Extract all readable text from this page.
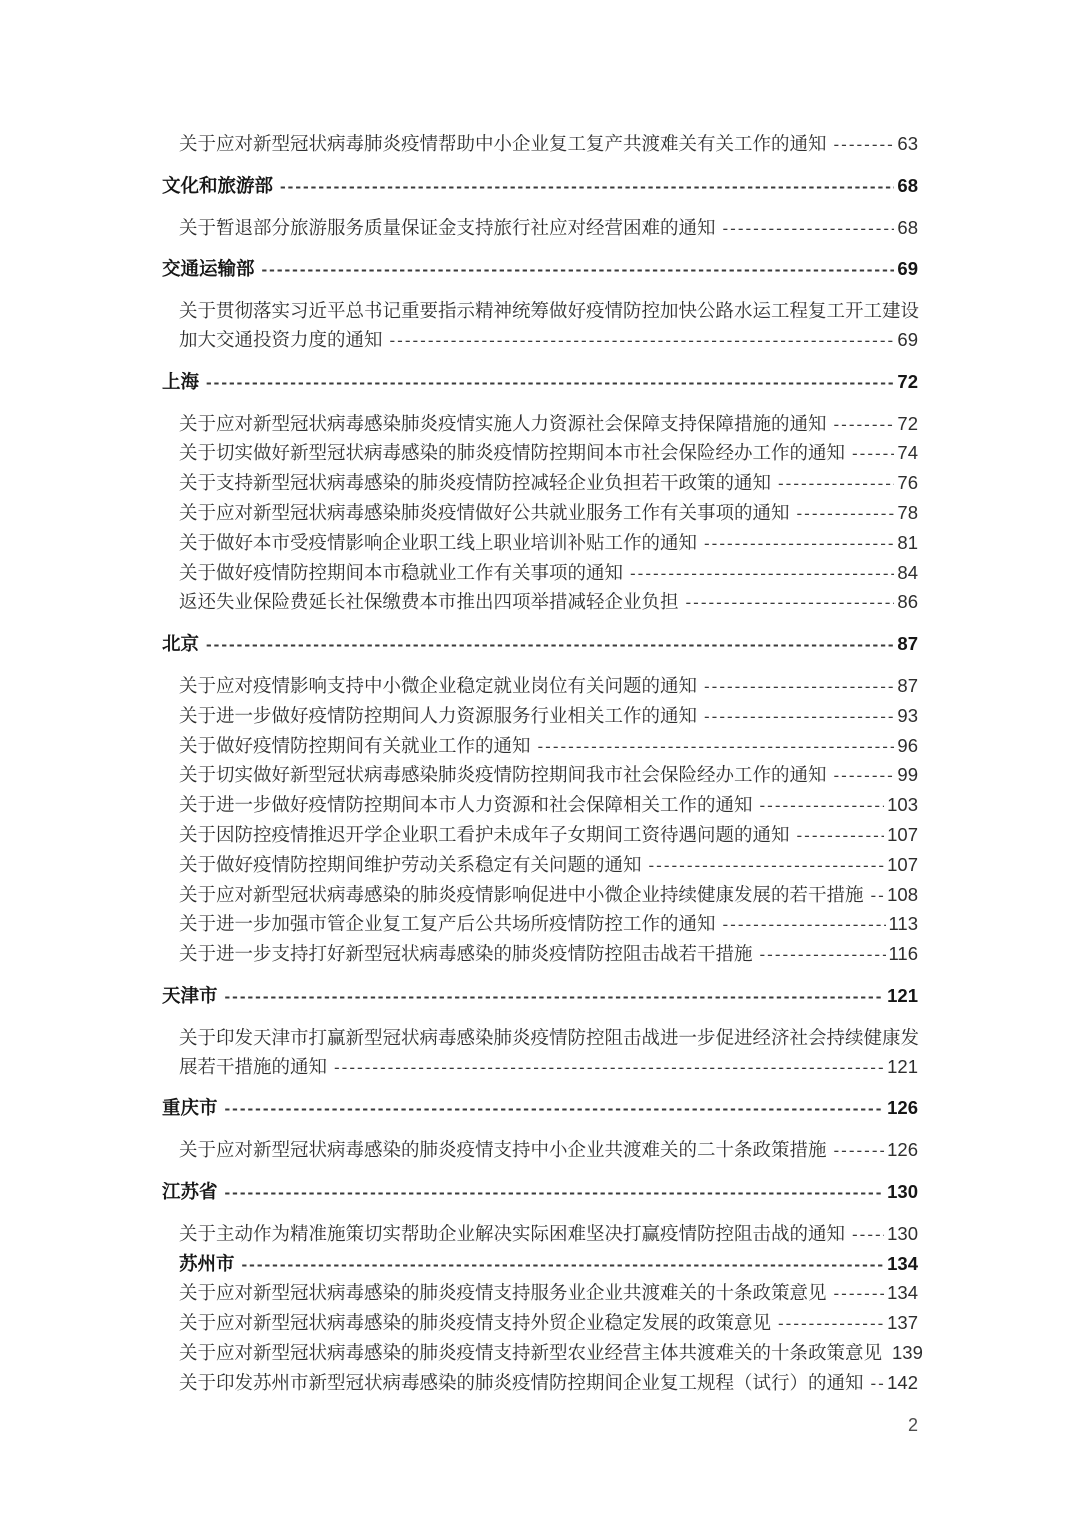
关于应对新型冠状病毒肺炎疫情帮助中小企业复工复产共渡难关有关工作的通知 -----	63
文化和旅游部 -----	68
关于暂退部分旅游服务质量保证金支持旅行社应对经营困难的通知 -----	68
交通运输部 -----	69
关于贯彻落实习近平总书记重要指示精神统筹做好疫情防控加快公路水运工程复工开工建设
加大交通投资力度的通知 -----	69
上海 -----	72
关于应对新型冠状病毒感染肺炎疫情实施人力资源社会保障支持保障措施的通知 -----	72
关于切实做好新型冠状病毒感染的肺炎疫情防控期间本市社会保险经办工作的通知 -----	74
关于支持新型冠状病毒感染的肺炎疫情防控减轻企业负担若干政策的通知 -----	76
关于应对新型冠状病毒感染肺炎疫情做好公共就业服务工作有关事项的通知 -----	78
关于做好本市受疫情影响企业职工线上职业培训补贴工作的通知 -----	81
关于做好疫情防控期间本市稳就业工作有关事项的通知 -----	84
返还失业保险费延长社保缴费本市推出四项举措减轻企业负担 -----	86
北京 -----	87
关于应对疫情影响支持中小微企业稳定就业岗位有关问题的通知 -----	87
关于进一步做好疫情防控期间人力资源服务行业相关工作的通知 -----	93
关于做好疫情防控期间有关就业工作的通知 -----	96
关于切实做好新型冠状病毒感染肺炎疫情防控期间我市社会保险经办工作的通知 -----	99
关于进一步做好疫情防控期间本市人力资源和社会保障相关工作的通知 -----	103
关于因防控疫情推迟开学企业职工看护未成年子女期间工资待遇问题的通知 -----	107
关于做好疫情防控期间维护劳动关系稳定有关问题的通知 -----	107
关于应对新型冠状病毒感染的肺炎疫情影响促进中小微企业持续健康发展的若干措施 ----- 108
关于进一步加强市管企业复工复产后公共场所疫情防控工作的通知 -----	113
关于进一步支持打好新型冠状病毒感染的肺炎疫情防控阻击战若干措施 -----	116
天津市 -----	121
关于印发天津市打赢新型冠状病毒感染肺炎疫情防控阻击战进一步促进经济社会持续健康发
展若干措施的通知 -----	121
重庆市 -----	126
关于应对新型冠状病毒感染的肺炎疫情支持中小企业共渡难关的二十条政策措施 -----	126
江苏省 -----	130
关于主动作为精准施策切实帮助企业解决实际困难坚决打赢疫情防控阻击战的通知 ----- 130
苏州市 -----	134
关于应对新型冠状病毒感染的肺炎疫情支持服务业企业共渡难关的十条政策意见 -----	134
关于应对新型冠状病毒感染的肺炎疫情支持外贸企业稳定发展的政策意见 -----	137
关于应对新型冠状病毒感染的肺炎疫情支持新型农业经营主体共渡难关的十条政策意见 139
关于印发苏州市新型冠状病毒感染的肺炎疫情防控期间企业复工规程（试行）的通知 ----- 142
2
